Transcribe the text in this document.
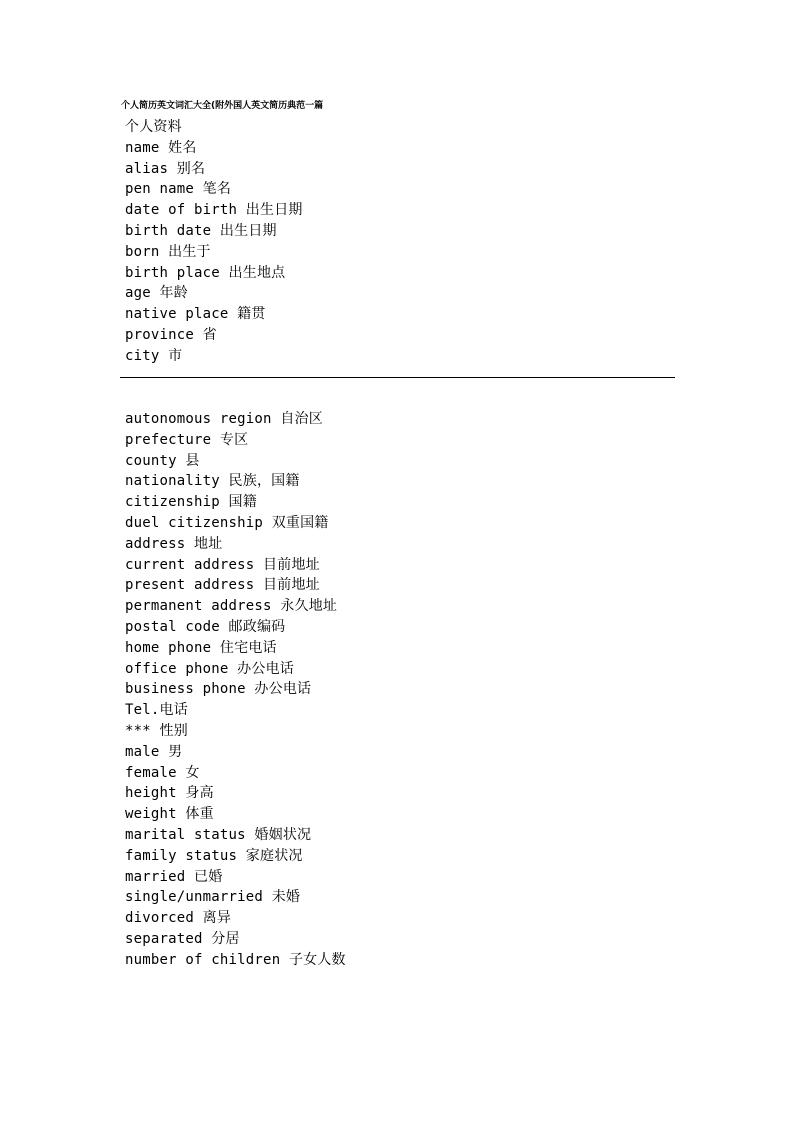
个人简历英文词汇大全(附外国人英文简历典范一篇
个人资料
name 姓名
alias 别名
pen name 笔名
date of birth 出生日期
birth date 出生日期
born 出生于
birth place 出生地点
age 年龄
native place 籍贯
province 省
city 市
autonomous region 自治区
prefecture 专区
county 县
nationality 民族，国籍
citizenship 国籍
duel citizenship 双重国籍
address 地址
current address 目前地址
present address 目前地址
permanent address 永久地址
postal code 邮政编码
home phone 住宅电话
office phone 办公电话
business phone 办公电话
Tel.电话
*** 性别
male 男
female 女
height 身高
weight 体重
marital status 婚姻状况
family status 家庭状况
married 已婚
single/unmarried 未婚
divorced 离异
separated 分居
number of children 子女人数
